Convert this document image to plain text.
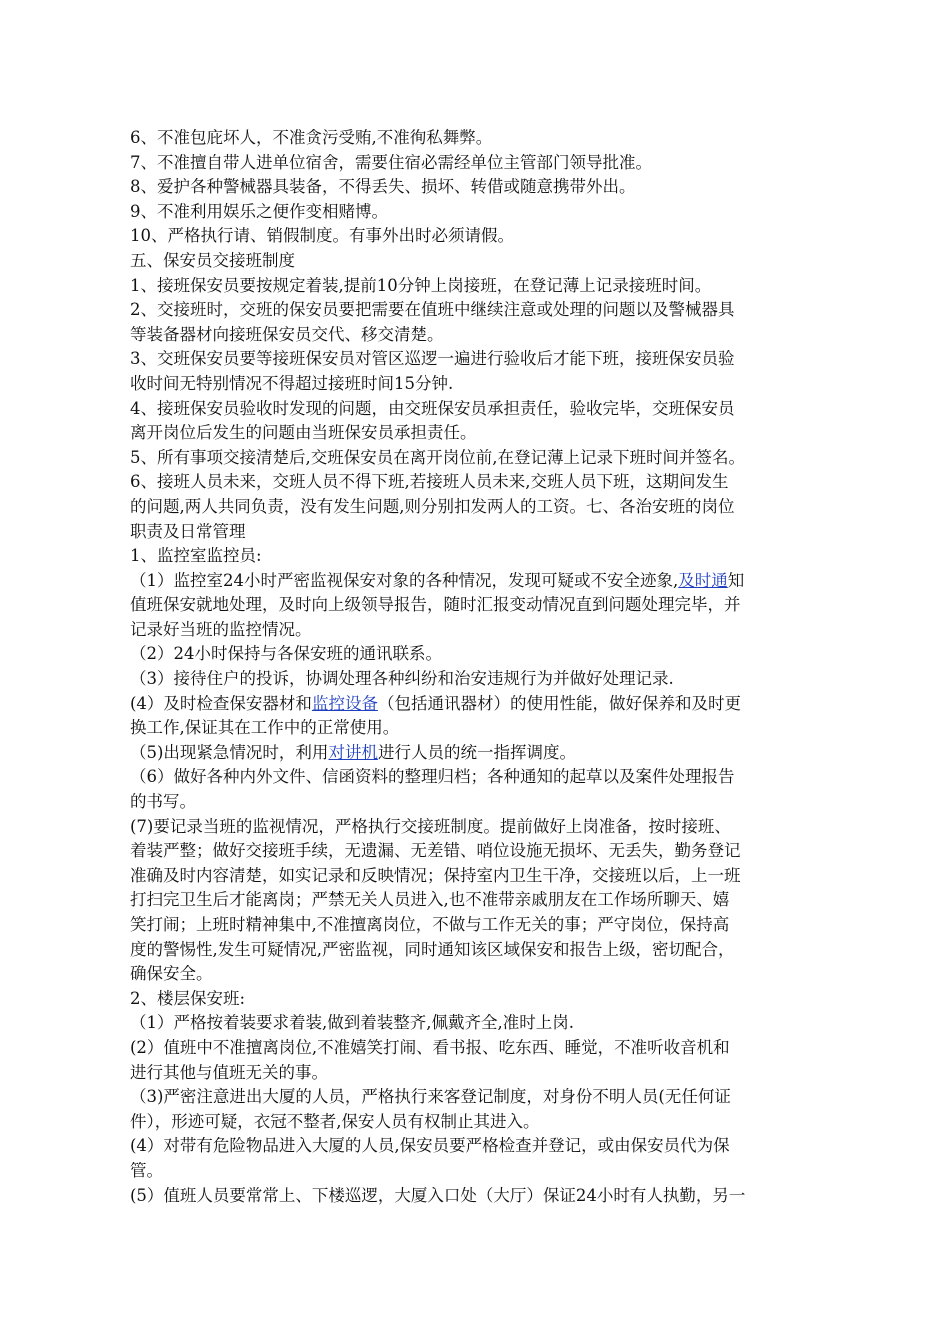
6、不准包庇坏人，不准贪污受贿,不准徇私舞弊。
7、不准擅自带人进单位宿舍，需要住宿必需经单位主管部门领导批准。
8、爱护各种警械器具装备，不得丢失、损坏、转借或随意携带外出。
9、不准利用娱乐之便作变相赌博。
10、严格执行请、销假制度。有事外出时必须请假。
五、保安员交接班制度
1、接班保安员要按规定着装,提前10分钟上岗接班，在登记薄上记录接班时间。
2、交接班时，交班的保安员要把需要在值班中继续注意或处理的问题以及警械器具
等装备器材向接班保安员交代、移交清楚。
3、交班保安员要等接班保安员对管区巡逻一遍进行验收后才能下班，接班保安员验
收时间无特别情况不得超过接班时间15分钟.
4、接班保安员验收时发现的问题，由交班保安员承担责任，验收完毕，交班保安员
离开岗位后发生的问题由当班保安员承担责任。
5、所有事项交接清楚后,交班保安员在离开岗位前,在登记薄上记录下班时间并签名。
6、接班人员未来，交班人员不得下班,若接班人员未来,交班人员下班，这期间发生
的问题,两人共同负责，没有发生问题,则分别扣发两人的工资。七、各治安班的岗位
职责及日常管理
1、监控室监控员:
（1）监控室24小时严密监视保安对象的各种情况，发现可疑或不安全迹象,及时通知
值班保安就地处理，及时向上级领导报告，随时汇报变动情况直到问题处理完毕，并
记录好当班的监控情况。
（2）24小时保持与各保安班的通讯联系。
（3）接待住户的投诉，协调处理各种纠纷和治安违规行为并做好处理记录.
(4）及时检查保安器材和监控设备（包括通讯器材）的使用性能，做好保养和及时更
换工作,保证其在工作中的正常使用。
（5)出现紧急情况时，利用对讲机进行人员的统一指挥调度。
（6）做好各种内外文件、信函资料的整理归档；各种通知的起草以及案件处理报告
的书写。
(7)要记录当班的监视情况，严格执行交接班制度。提前做好上岗准备，按时接班、
着装严整；做好交接班手续，无遗漏、无差错、哨位设施无损坏、无丢失，勤务登记
准确及时内容清楚，如实记录和反映情况；保持室内卫生干净，交接班以后，上一班
打扫完卫生后才能离岗；严禁无关人员进入,也不准带亲戚朋友在工作场所聊天、嬉
笑打闹；上班时精神集中,不准擅离岗位，不做与工作无关的事；严守岗位，保持高
度的警惕性,发生可疑情况,严密监视，同时通知该区域保安和报告上级，密切配合，
确保安全。
2、楼层保安班:
（1）严格按着装要求着装,做到着装整齐,佩戴齐全,准时上岗.
(2）值班中不准擅离岗位,不准嬉笑打闹、看书报、吃东西、睡觉，不准听收音机和
进行其他与值班无关的事。
（3)严密注意进出大厦的人员，严格执行来客登记制度，对身份不明人员(无任何证
件），形迹可疑，衣冠不整者,保安人员有权制止其进入。
(4）对带有危险物品进入大厦的人员,保安员要严格检查并登记，或由保安员代为保
管。
(5）值班人员要常常上、下楼巡逻，大厦入口处（大厅）保证24小时有人执勤，另一
